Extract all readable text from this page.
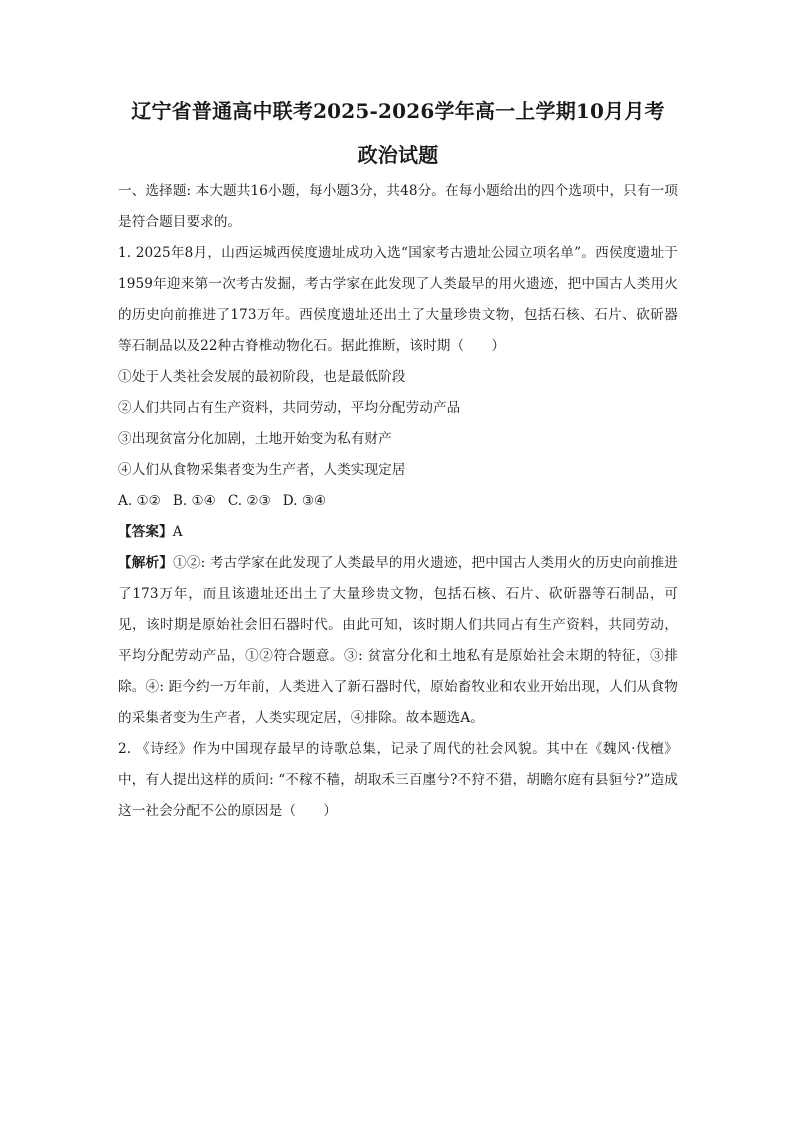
辽宁省普通高中联考2025-2026学年高一上学期10月月考
政治试题

一、选择题: 本大题共16小题，每小题3分，共48分。在每小题给出的四个选项中，只有一项是符合题目要求的。

1. 2025年8月，山西运城西侯度遗址成功入选“国家考古遗址公园立项名单”。西侯度遗址于1959年迎来第一次考古发掘，考古学家在此发现了人类最早的用火遗迹，把中国古人类用火的历史向前推进了173万年。西侯度遗址还出土了大量珍贵文物，包括石核、石片、砍斫器等石制品以及22种古脊椎动物化石。据此推断，该时期（　　）

①处于人类社会发展的最初阶段，也是最低阶段

②人们共同占有生产资料，共同劳动，平均分配劳动产品

③出现贫富分化加剧，土地开始变为私有财产

④人们从食物采集者变为生产者，人类实现定居

A. ①② B. ①④ C. ②③ D. ③④

【答案】A

【解析】①②: 考古学家在此发现了人类最早的用火遗迹，把中国古人类用火的历史向前推进了173万年，而且该遗址还出土了大量珍贵文物，包括石核、石片、砍斫器等石制品，可见，该时期是原始社会旧石器时代。由此可知，该时期人们共同占有生产资料，共同劳动，平均分配劳动产品，①②符合题意。③: 贫富分化和土地私有是原始社会末期的特征，③排除。④: 距今约一万年前，人类进入了新石器时代，原始畜牧业和农业开始出现，人们从食物的采集者变为生产者，人类实现定居，④排除。故本题选A。

2. 《诗经》作为中国现存最早的诗歌总集，记录了周代的社会风貌。其中在《魏风·伐檀》中，有人提出这样的质问: “不稼不穑，胡取禾三百廛兮?不狩不猎，胡瞻尔庭有县貆兮?”造成这一社会分配不公的原因是（　　）
